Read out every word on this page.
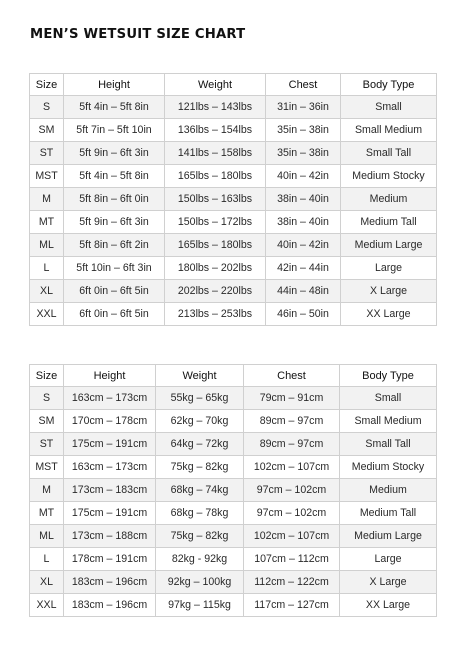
MEN’S WETSUIT SIZE CHART
Size	Height	Weight	Chest	Body Type
S	5ft 4in – 5ft 8in	121lbs – 143lbs	31in – 36in	Small
SM	5ft 7in – 5ft 10in	136lbs – 154lbs	35in – 38in	Small Medium
ST	5ft 9in – 6ft 3in	141lbs – 158lbs	35in – 38in	Small Tall
MST	5ft 4in – 5ft 8in	165lbs – 180lbs	40in – 42in	Medium Stocky
M	5ft 8in – 6ft 0in	150lbs – 163lbs	38in – 40in	Medium
MT	5ft 9in – 6ft 3in	150lbs – 172lbs	38in – 40in	Medium Tall
ML	5ft 8in – 6ft 2in	165lbs – 180lbs	40in – 42in	Medium Large
L	5ft 10in – 6ft 3in	180lbs – 202lbs	42in – 44in	Large
XL	6ft 0in – 6ft 5in	202lbs – 220lbs	44in – 48in	X Large
XXL	6ft 0in – 6ft 5in	213lbs – 253lbs	46in – 50in	XX Large
Size	Height	Weight	Chest	Body Type
S	163cm – 173cm	55kg – 65kg	79cm – 91cm	Small
SM	170cm – 178cm	62kg – 70kg	89cm – 97cm	Small Medium
ST	175cm – 191cm	64kg – 72kg	89cm – 97cm	Small Tall
MST	163cm – 173cm	75kg – 82kg	102cm – 107cm	Medium Stocky
M	173cm – 183cm	68kg – 74kg	97cm – 102cm	Medium
MT	175cm – 191cm	68kg – 78kg	97cm – 102cm	Medium Tall
ML	173cm – 188cm	75kg – 82kg	102cm – 107cm	Medium Large
L	178cm – 191cm	82kg - 92kg	107cm – 112cm	Large
XL	183cm – 196cm	92kg – 100kg	112cm – 122cm	X Large
XXL	183cm – 196cm	97kg – 115kg	117cm – 127cm	XX Large
